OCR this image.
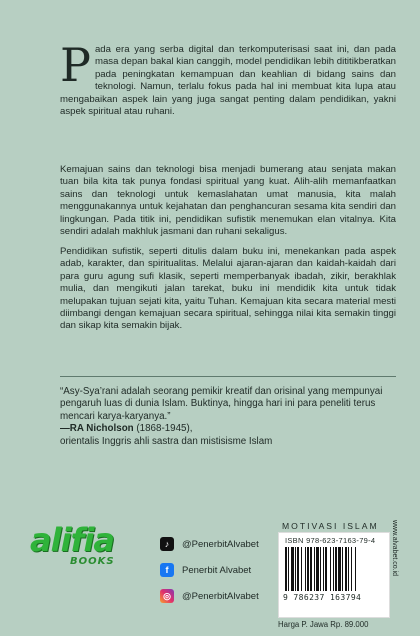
Pada era yang serba digital dan terkomputerisasi saat ini, dan pada masa depan bakal kian canggih, model pendidikan lebih dititikberatkan pada peningkatan kemampuan dan keahlian di bidang sains dan teknologi. Namun, terlalu fokus pada hal ini membuat kita lupa atau mengabaikan aspek lain yang juga sangat penting dalam pendidikan, yakni aspek spiritual atau ruhani.
Kemajuan sains dan teknologi bisa menjadi bumerang atau senjata makan tuan bila kita tak punya fondasi spiritual yang kuat. Alih-alih memanfaatkan sains dan teknologi untuk kemaslahatan umat manusia, kita malah menggunakannya untuk kejahatan dan penghancuran sesama kita sendiri dan lingkungan. Pada titik ini, pendidikan sufistik menemukan elan vitalnya. Kita sendiri adalah makhluk jasmani dan ruhani sekaligus.
Pendidikan sufistik, seperti ditulis dalam buku ini, menekankan pada aspek adab, karakter, dan spiritualitas. Melalui ajaran-ajaran dan kaidah-kaidah dari para guru agung sufi klasik, seperti memperbanyak ibadah, zikir, berakhlak mulia, dan mengikuti jalan tarekat, buku ini mendidik kita untuk tidak melupakan tujuan sejati kita, yaitu Tuhan. Kemajuan kita secara material mesti diimbangi dengan kemajuan secara spiritual, sehingga nilai kita semakin tinggi dan sikap kita semakin bijak.
“Asy-Sya’rani adalah seorang pemikir kreatif dan orisinal yang mempunyai pengaruh luas di dunia Islam. Buktinya, hingga hari ini para peneliti terus mencari karya-karyanya.”
—RA Nicholson (1868-1945),
orientalis Inggris ahli sastra dan mistisisme Islam
alifia
BOOKS
♪	@PenerbitAlvabet
f	Penerbit Alvabet
◎	@PenerbitAlvabet
MOTIVASI ISLAM
ISBN 978-623-7163-79-4
9 786237 163794
Harga P. Jawa Rp. 89.000
www.alvabet.co.id
